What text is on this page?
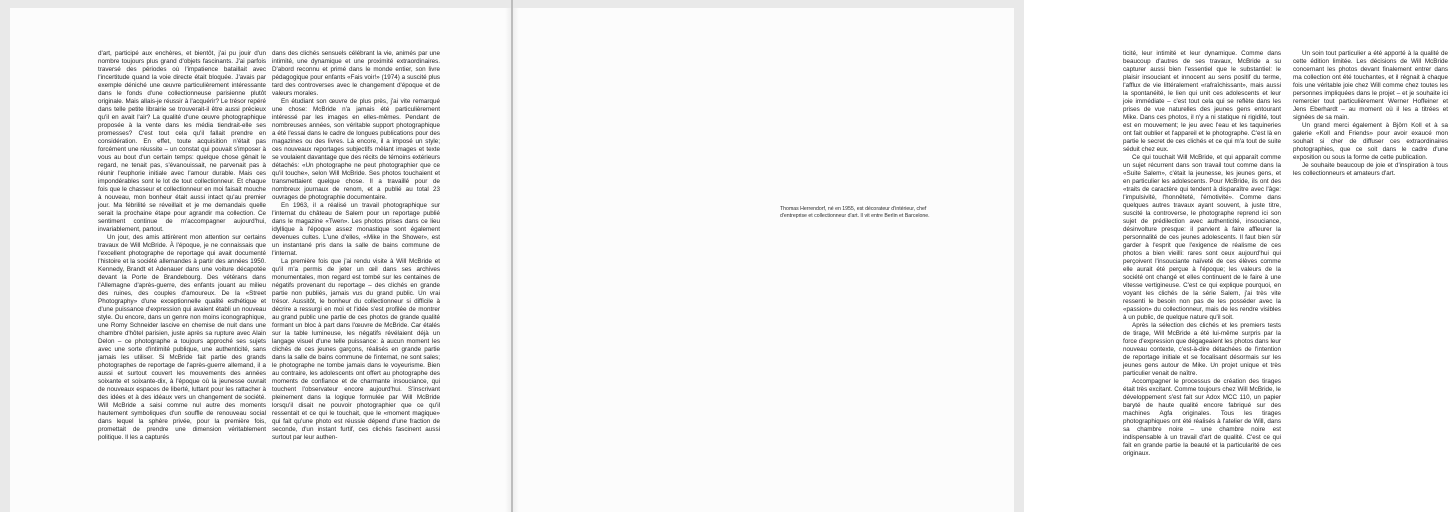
d'art, participé aux enchères, et bientôt, j'ai pu jouir d'un nombre toujours plus grand d'objets fascinants. J'ai parfois traversé des périodes où l'impatience bataillait avec l'incertitude quand la voie directe était bloquée. J'avais par exemple déniché une œuvre particulièrement intéressante dans le fonds d'une collectionneuse parisienne plutôt originale. Mais allais-je réussir à l'acquérir? Le trésor repéré dans telle petite librairie se trouverait-il être aussi précieux qu'il en avait l'air? La qualité d'une œuvre photographique proposée à la vente dans les média tiendrait-elle ses promesses? C'est tout cela qu'il fallait prendre en considération. En effet, toute acquisition n'était pas forcément une réussite – un constat qui pouvait s'imposer à vous au bout d'un certain temps: quelque chose gênait le regard, ne tenait pas, s'évanouissait, ne parvenait pas à réunir l'euphorie initiale avec l'amour durable. Mais ces impondérables sont le lot de tout collectionneur. Et chaque fois que le chasseur et collectionneur en moi faisait mouche à nouveau, mon bonheur était aussi intact qu'au premier jour. Ma fébrilité se réveillait et je me demandais quelle serait la prochaine étape pour agrandir ma collection. Ce sentiment continue de m'accompagner aujourd'hui, invariablement, partout.

Un jour, des amis attirèrent mon attention sur certains travaux de Will McBride. À l'époque, je ne connaissais que l'excellent photographe de reportage qui avait documenté l'histoire et la société allemandes à partir des années 1950. Kennedy, Brandt et Adenauer dans une voiture décapotée devant la Porte de Brandebourg. Des vétérans dans l'Allemagne d'après-guerre, des enfants jouant au milieu des ruines, des couples d'amoureux. De la «Street Photography» d'une exceptionnelle qualité esthétique et d'une puissance d'expression qui avaient établi un nouveau style. Ou encore, dans un genre non moins iconographique, une Romy Schneider lascive en chemise de nuit dans une chambre d'hôtel parisien, juste après sa rupture avec Alain Delon – ce photographe a toujours approché ses sujets avec une sorte d'intimité publique, une authenticité, sans jamais les utiliser. Si McBride fait partie des grands photographes de reportage de l'après-guerre allemand, il a aussi et surtout couvert les mouvements des années soixante et soixante-dix, à l'époque où la jeunesse ouvrait de nouveaux espaces de liberté, luttant pour les rattacher à des idées et à des idéaux vers un changement de société. Will McBride a saisi comme nul autre des moments hautement symboliques d'un souffle de renouveau social dans lequel la sphère privée, pour la première fois, promettait de prendre une dimension véritablement politique. Il les a capturés

dans des clichés sensuels célébrant la vie, animés par une intimité, une dynamique et une proximité extraordinaires. D'abord reconnu et primé dans le monde entier, son livre pédagogique pour enfants «Fais voir!» (1974) a suscité plus tard des controverses avec le changement d'époque et de valeurs morales.

En étudiant son œuvre de plus près, j'ai vite remarqué une chose: McBride n'a jamais été particulièrement intéressé par les images en elles-mêmes. Pendant de nombreuses années, son véritable support photographique a été l'essai dans le cadre de longues publications pour des magazines ou des livres. Là encore, il a imposé un style; ces nouveaux reportages subjectifs mêlant images et texte se voulaient davantage que des récits de témoins extérieurs détachés: «Un photographe ne peut photographier que ce qu'il touche», selon Will McBride. Ses photos touchaient et transmettaient quelque chose. Il a travaillé pour de nombreux journaux de renom, et a publié au total 23 ouvrages de photographie documentaire.

En 1963, il a réalisé un travail photographique sur l'internat du château de Salem pour un reportage publié dans le magazine «Twen». Les photos prises dans ce lieu idyllique à l'époque assez monastique sont également devenues cultes. L'une d'elles, «Mike in the Shower», est un instantané pris dans la salle de bains commune de l'internat.

La première fois que j'ai rendu visite à Will McBride et qu'il m'a permis de jeter un œil dans ses archives monumentales, mon regard est tombé sur les centaines de négatifs provenant du reportage – des clichés en grande partie non publiés, jamais vus du grand public. Un vrai trésor. Aussitôt, le bonheur du collectionneur si difficile à décrire a ressurgi en moi et l'idée s'est profilée de montrer au grand public une partie de ces photos de grande qualité formant un bloc à part dans l'œuvre de McBride. Car étalés sur la table lumineuse, les négatifs révélaient déjà un langage visuel d'une telle puissance: à aucun moment les clichés de ces jeunes garçons, réalisés en grande partie dans la salle de bains commune de l'internat, ne sont sales; le photographe ne tombe jamais dans le voyeurisme. Bien au contraire, les adolescents ont offert au photographe des moments de confiance et de charmante insouciance, qui touchent l'observateur encore aujourd'hui. S'inscrivant pleinement dans la logique formulée par Will McBride lorsqu'il disait ne pouvoir photographier que ce qu'il ressentait et ce qui le touchait, que le «moment magique» qui fait qu'une photo est réussie dépend d'une fraction de seconde, d'un instant furtif, ces clichés fascinent aussi surtout par leur authen-

ticité, leur intimité et leur dynamique. Comme dans beaucoup d'autres de ses travaux, McBride a su capturer aussi bien l'essentiel que le substantiel: le plaisir insouciant et innocent au sens positif du terme, l'afflux de vie littéralement «rafraîchissant», mais aussi la spontanéité, le lien qui unit ces adolescents et leur joie immédiate – c'est tout cela qui se reflète dans les prises de vue naturelles des jeunes gens entourant Mike. Dans ces photos, il n'y a ni statique ni rigidité, tout est en mouvement; le jeu avec l'eau et les taquineries ont fait oublier et l'appareil et le photographe. C'est là en partie le secret de ces clichés et ce qui m'a tout de suite séduit chez eux.

Ce qui touchait Will McBride, et qui apparaît comme un sujet récurrent dans son travail tout comme dans la «Suite Salem», c'était la jeunesse, les jeunes gens, et en particulier les adolescents. Pour McBride, ils ont des «traits de caractère qui tendent à disparaître avec l'âge: l'impulsivité, l'honnêteté, l'émotivité». Comme dans quelques autres travaux ayant souvent, à juste titre, suscité la controverse, le photographe reprend ici son sujet de prédilection avec authenticité, insouciance, désinvolture presque: il parvient à faire affleurer la personnalité de ces jeunes adolescents. Il faut bien sûr garder à l'esprit que l'exigence de réalisme de ces photos a bien vieilli: rares sont ceux aujourd'hui qui perçoivent l'insouciante naïveté de ces élèves comme elle aurait été perçue à l'époque; les valeurs de la société ont changé et elles continuent de le faire à une vitesse vertigineuse. C'est ce qui explique pourquoi, en voyant les clichés de la série Salem, j'ai très vite ressenti le besoin non pas de les posséder avec la «passion» du collectionneur, mais de les rendre visibles à un public, de quelque nature qu'il soit.

Après la sélection des clichés et les premiers tests de tirage, Will McBride a été lui-même surpris par la force d'expression que dégageaient les photos dans leur nouveau contexte, c'est-à-dire détachées de l'intention de reportage initiale et se focalisant désormais sur les jeunes gens autour de Mike. Un projet unique et très particulier venait de naître.

Accompagner le processus de création des tirages était très excitant. Comme toujours chez Will McBride, le développement s'est fait sur Adox MCC 110, un papier baryté de haute qualité encore fabriqué sur des machines Agfa originales. Tous les tirages photographiques ont été réalisés à l'atelier de Will, dans sa chambre noire – une chambre noire est indispensable à un travail d'art de qualité. C'est ce qui fait en grande partie la beauté et la particularité de ces originaux.

Un soin tout particulier a été apporté à la qualité de cette édition limitée. Les décisions de Will McBride concernant les photos devant finalement entrer dans ma collection ont été touchantes, et il régnait à chaque fois une véritable joie chez Will comme chez toutes les personnes impliquées dans le projet – et je souhaite ici remercier tout particulièrement Werner Hoffeiner et Jens Eberhardt – au moment où il les a titrées et signées de sa main.

Un grand merci également à Björn Koll et à sa galerie «Koll and Friends» pour avoir exaucé mon souhait si cher de diffuser ces extraordinaires photographies, que ce soit dans le cadre d'une exposition ou sous la forme de cette publication.

Je souhaite beaucoup de joie et d'inspiration à tous les collectionneurs et amateurs d'art.

Thomas Herrendorf, né en 1955, est décorateur d'intérieur, chef d'entreprise et collectionneur d'art. Il vit entre Berlin et Barcelone.
